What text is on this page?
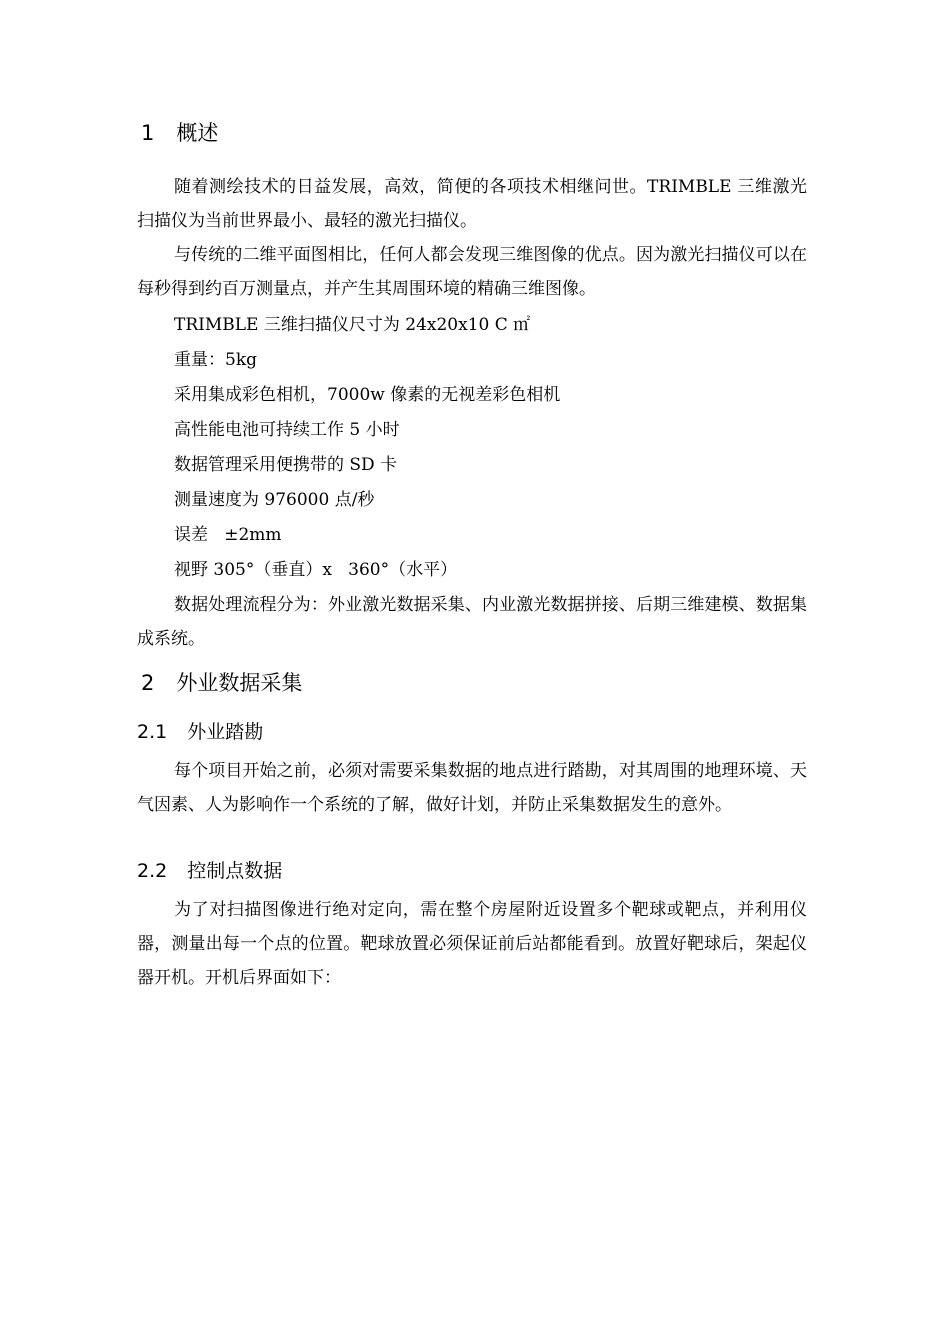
1 概述

随着测绘技术的日益发展，高效，简便的各项技术相继问世。TRIMBLE 三维激光扫描仪为当前世界最小、最轻的激光扫描仪。

与传统的二维平面图相比，任何人都会发现三维图像的优点。因为激光扫描仪可以在每秒得到约百万测量点，并产生其周围环境的精确三维图像。

TRIMBLE 三维扫描仪尺寸为 24x20x10 C ㎡

重量：5kg

采用集成彩色相机，7000w 像素的无视差彩色相机

高性能电池可持续工作 5 小时

数据管理采用便携带的 SD 卡

测量速度为 976000 点/秒

误差   ±2mm

视野 305°（垂直）x   360°（水平）

数据处理流程分为：外业激光数据采集、内业激光数据拼接、后期三维建模、数据集成系统。

2 外业数据采集
2.1 外业踏勘

每个项目开始之前，必须对需要采集数据的地点进行踏勘，对其周围的地理环境、天气因素、人为影响作一个系统的了解，做好计划，并防止采集数据发生的意外。

2.2 控制点数据

为了对扫描图像进行绝对定向，需在整个房屋附近设置多个靶球或靶点，并利用仪器，测量出每一个点的位置。靶球放置必须保证前后站都能看到。放置好靶球后，架起仪器开机。开机后界面如下：
